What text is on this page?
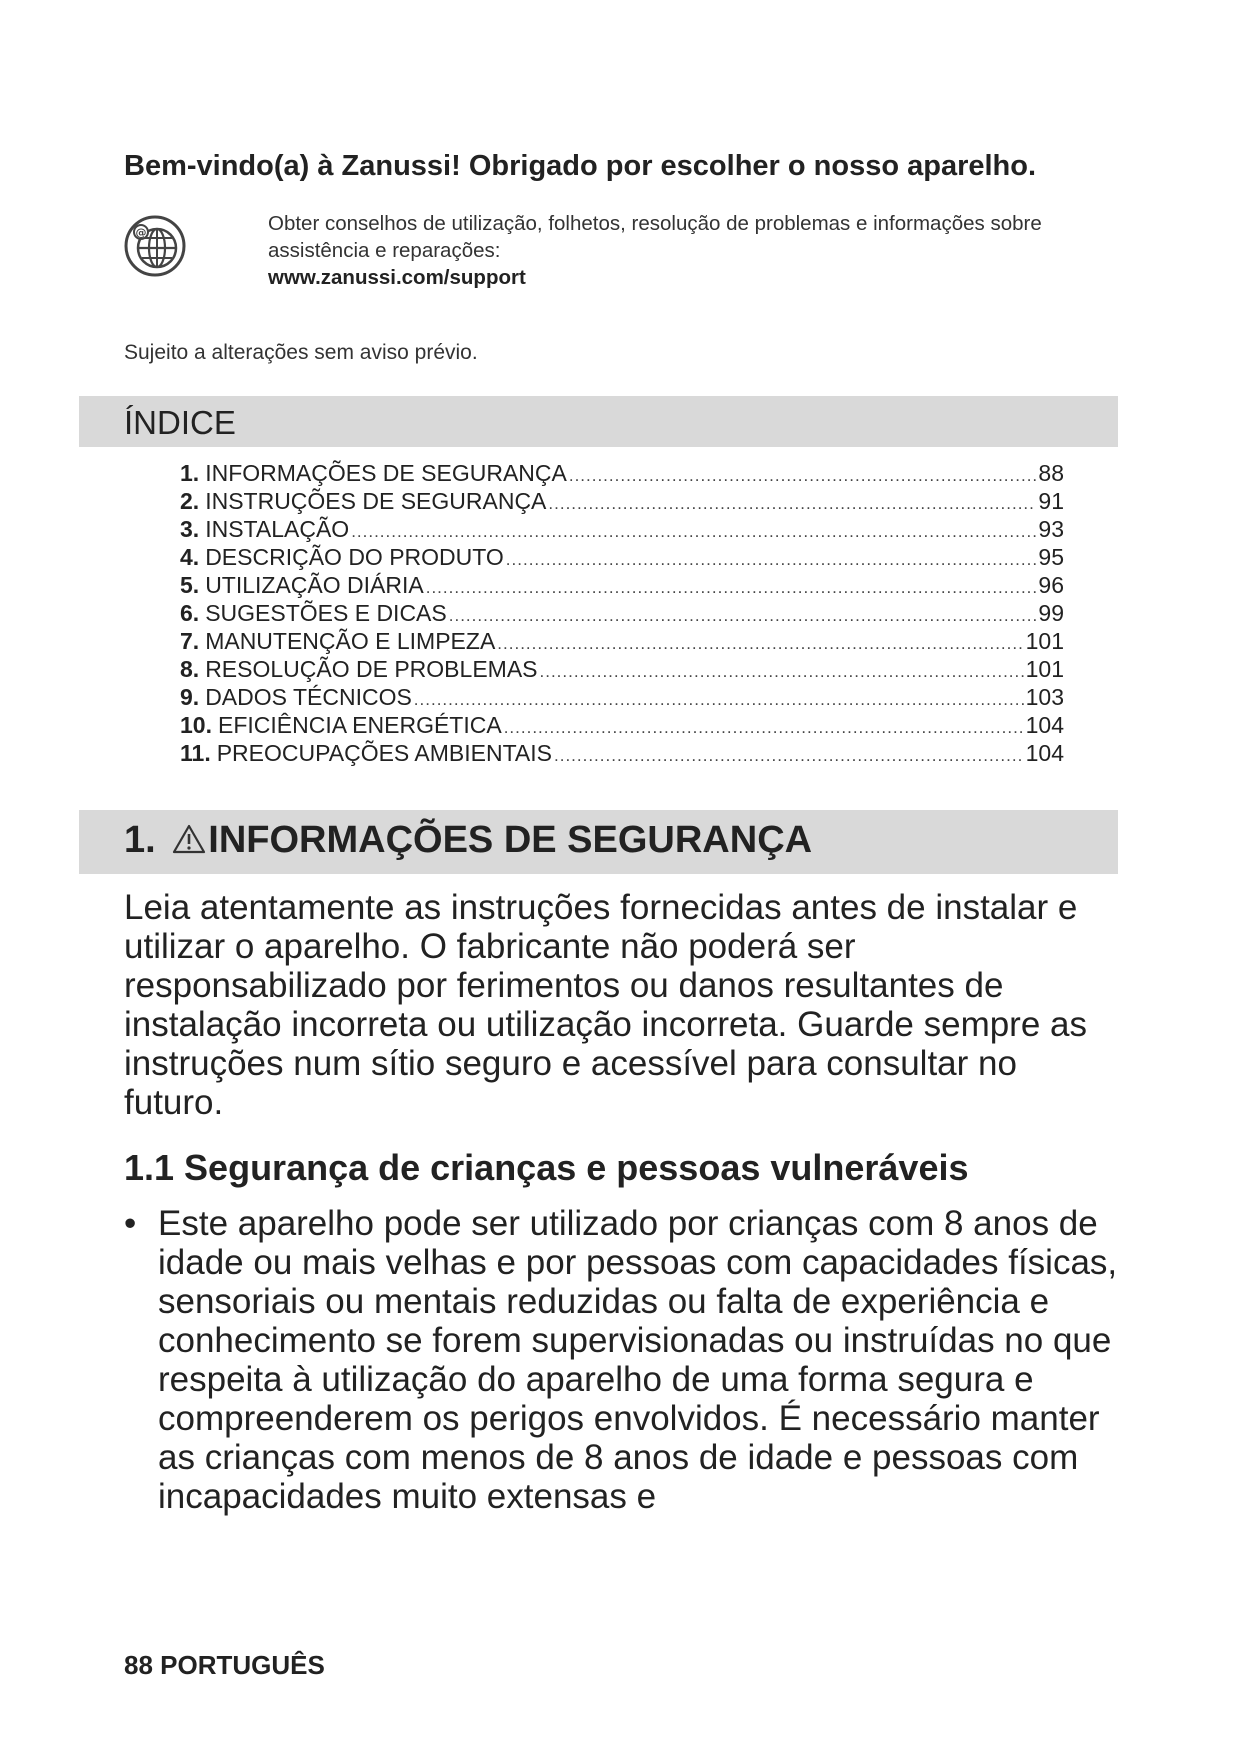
Bem-vindo(a) à Zanussi! Obrigado por escolher o nosso aparelho.
@	Obter conselhos de utilização, folhetos, resolução de problemas e informações sobre assistência e reparações:
www.zanussi.com/support
Sujeito a alterações sem aviso prévio.
ÍNDICE
1. INFORMAÇÕES DE SEGURANÇA .....	88
2. INSTRUÇÕES DE SEGURANÇA .....	91
3. INSTALAÇÃO .....	93
4. DESCRIÇÃO DO PRODUTO .....	95
5. UTILIZAÇÃO DIÁRIA .....	96
6. SUGESTÕES E DICAS .....	99
7. MANUTENÇÃO E LIMPEZA .....	101
8. RESOLUÇÃO DE PROBLEMAS .....	101
9. DADOS TÉCNICOS .....	103
10. EFICIÊNCIA ENERGÉTICA .....	104
11. PREOCUPAÇÕES AMBIENTAIS .....	104
1. INFORMAÇÕES DE SEGURANÇA

Leia atentamente as instruções fornecidas antes de instalar e utilizar o aparelho. O fabricante não poderá ser responsabilizado por ferimentos ou danos resultantes de instalação incorreta ou utilização incorreta. Guarde sempre as instruções num sítio seguro e acessível para consultar no futuro.

1.1 Segurança de crianças e pessoas vulneráveis
• Este aparelho pode ser utilizado por crianças com 8 anos de idade ou mais velhas e por pessoas com capacidades físicas, sensoriais ou mentais reduzidas ou falta de experiência e conhecimento se forem supervisionadas ou instruídas no que respeita à utilização do aparelho de uma forma segura e compreenderem os perigos envolvidos. É necessário manter as crianças com menos de 8 anos de idade e pessoas com incapacidades muito extensas e
88 PORTUGUÊS
